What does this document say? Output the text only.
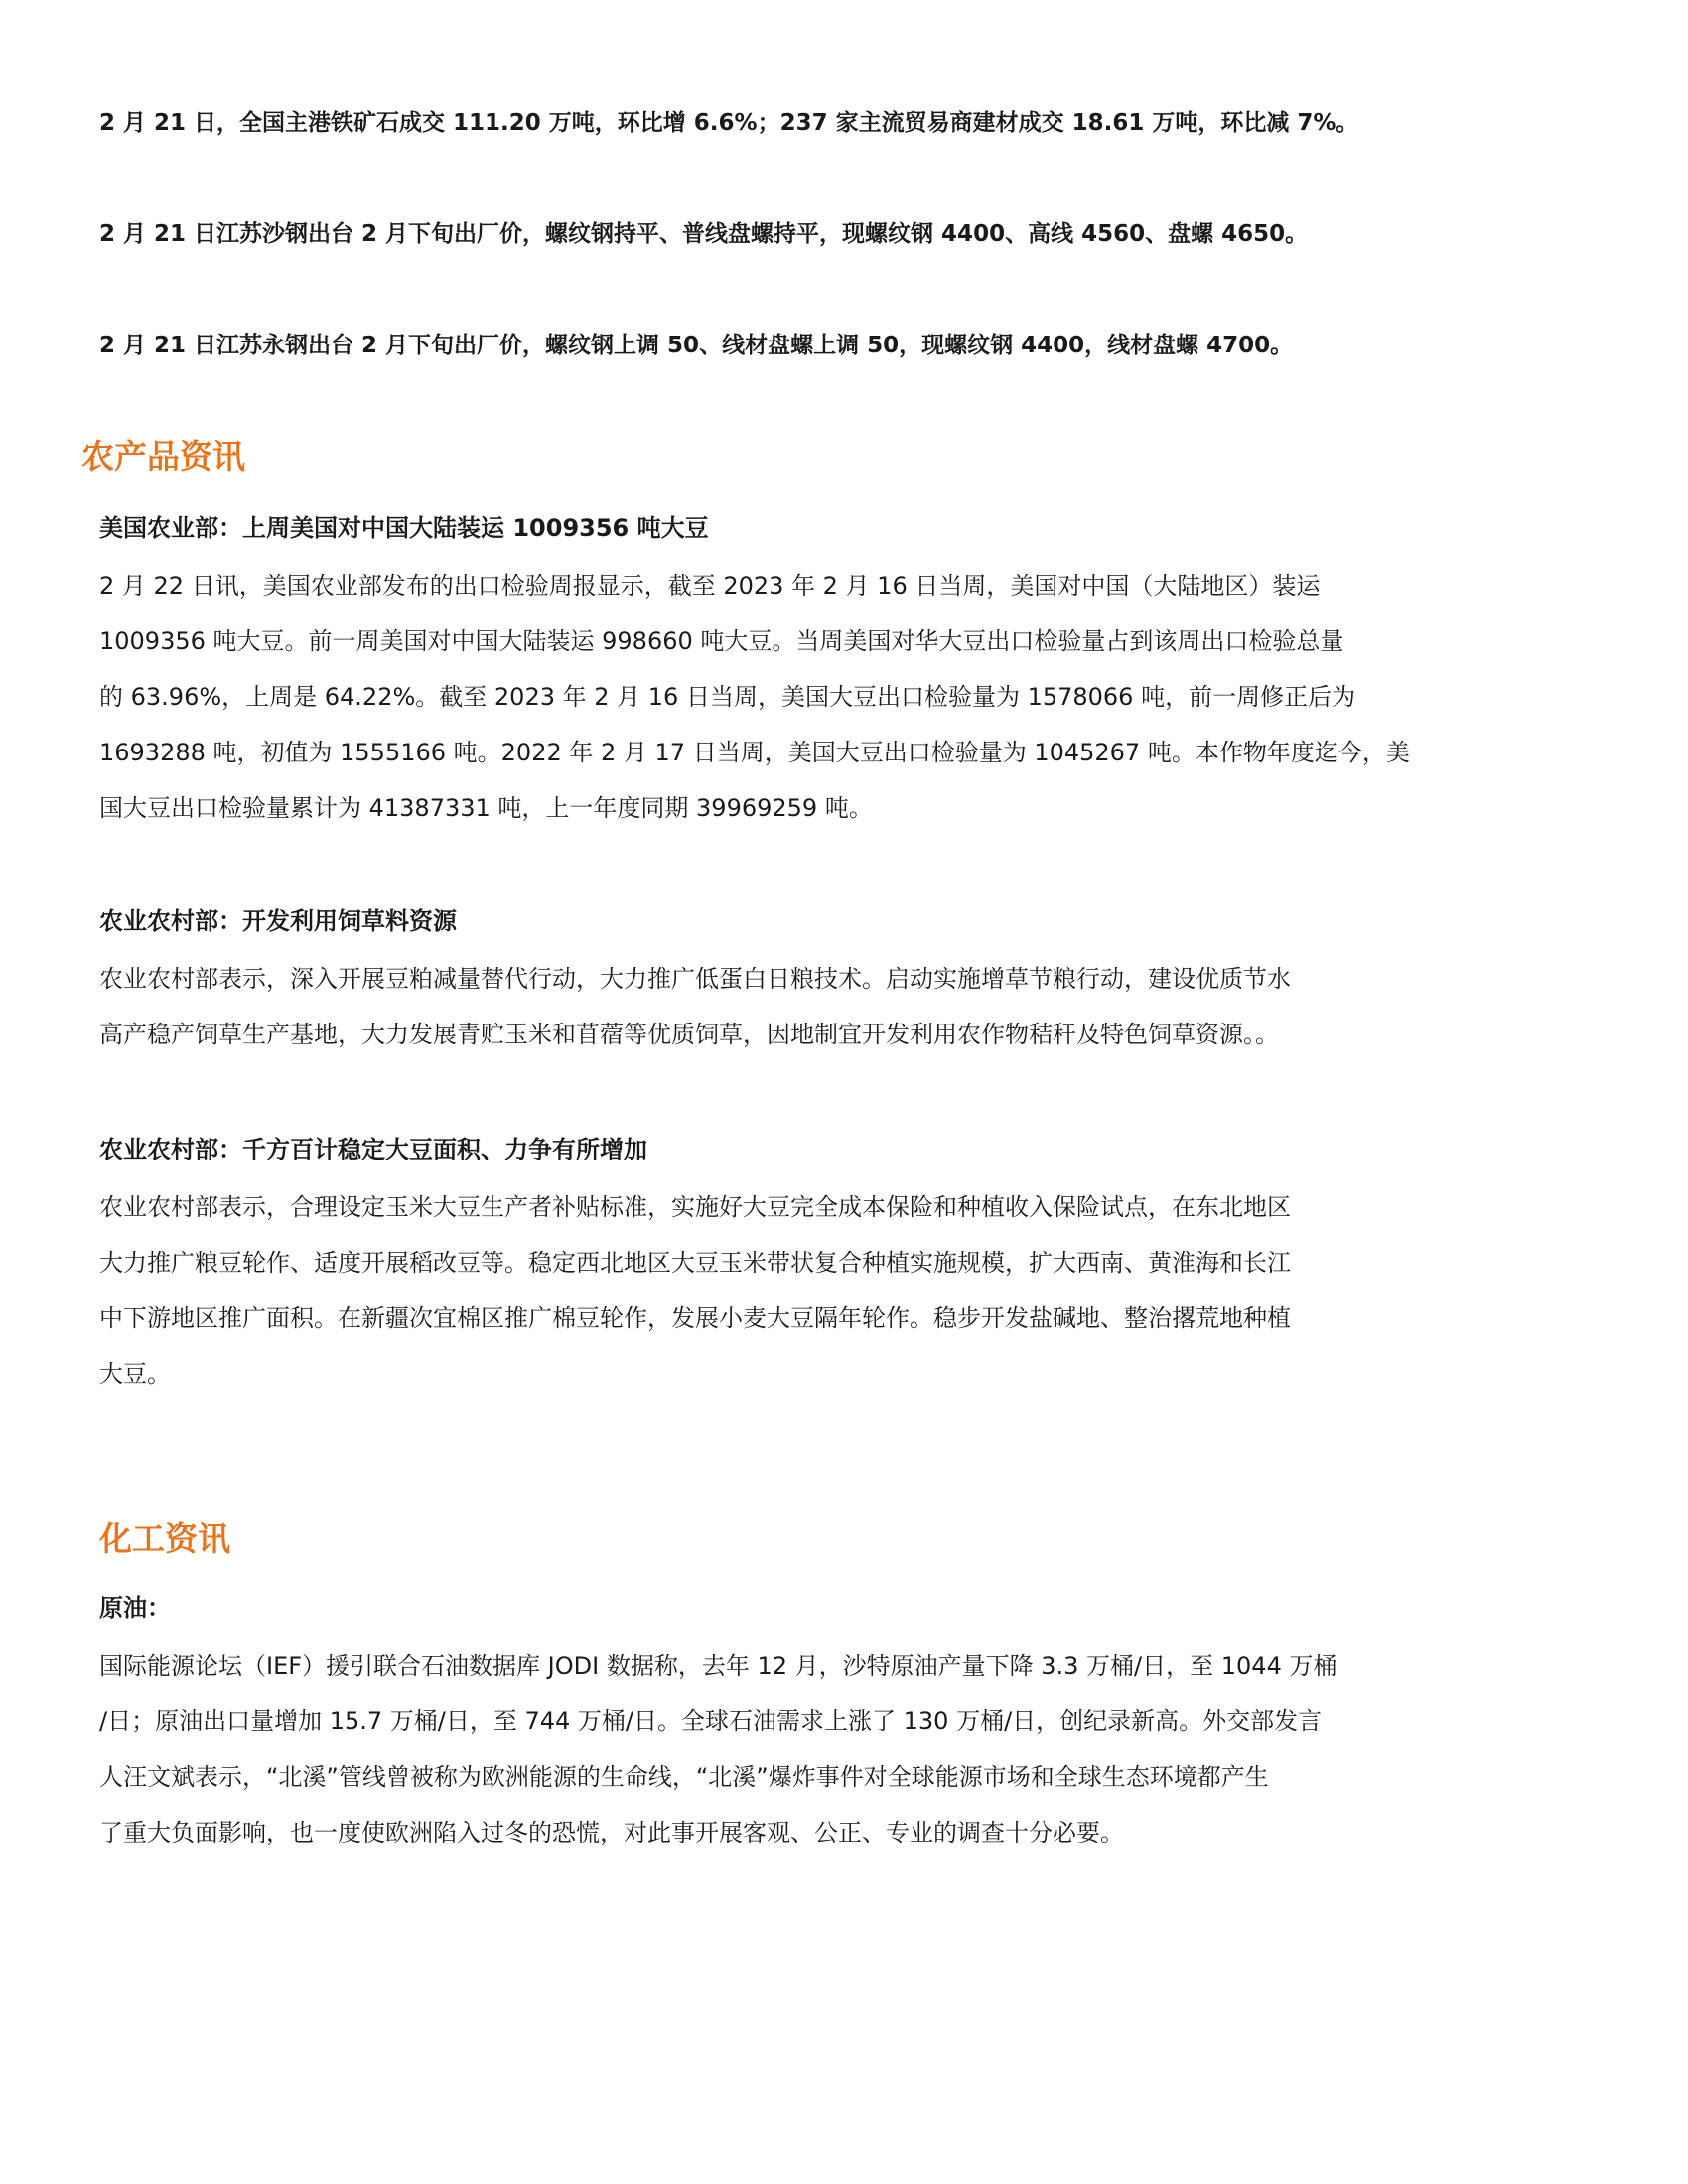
2 月 21 日，全国主港铁矿石成交 111.20 万吨，环比增 6.6%；237 家主流贸易商建材成交 18.61 万吨，环比减 7%。
2 月 21 日江苏沙钢出台 2 月下旬出厂价，螺纹钢持平、普线盘螺持平，现螺纹钢 4400、高线 4560、盘螺 4650。
2 月 21 日江苏永钢出台 2 月下旬出厂价，螺纹钢上调 50、线材盘螺上调 50，现螺纹钢 4400，线材盘螺 4700。
农产品资讯
美国农业部：上周美国对中国大陆装运 1009356 吨大豆
2 月 22 日讯，美国农业部发布的出口检验周报显示，截至 2023 年 2 月 16 日当周，美国对中国（大陆地区）装运
1009356 吨大豆。前一周美国对中国大陆装运 998660 吨大豆。当周美国对华大豆出口检验量占到该周出口检验总量
的 63.96%，上周是 64.22%。截至 2023 年 2 月 16 日当周，美国大豆出口检验量为 1578066 吨，前一周修正后为
1693288 吨，初值为 1555166 吨。2022 年 2 月 17 日当周，美国大豆出口检验量为 1045267 吨。本作物年度迄今，美
国大豆出口检验量累计为 41387331 吨，上一年度同期 39969259 吨。
农业农村部：开发利用饲草料资源
农业农村部表示，深入开展豆粕减量替代行动，大力推广低蛋白日粮技术。启动实施增草节粮行动，建设优质节水
高产稳产饲草生产基地，大力发展青贮玉米和苜蓿等优质饲草，因地制宜开发利用农作物秸秆及特色饲草资源。。
农业农村部：千方百计稳定大豆面积、力争有所增加
农业农村部表示，合理设定玉米大豆生产者补贴标准，实施好大豆完全成本保险和种植收入保险试点，在东北地区
大力推广粮豆轮作、适度开展稻改豆等。稳定西北地区大豆玉米带状复合种植实施规模，扩大西南、黄淮海和长江
中下游地区推广面积。在新疆次宜棉区推广棉豆轮作，发展小麦大豆隔年轮作。稳步开发盐碱地、整治撂荒地种植
大豆。
化工资讯
原油：
国际能源论坛（IEF）援引联合石油数据库 JODI 数据称，去年 12 月，沙特原油产量下降 3.3 万桶/日，至 1044 万桶
/日；原油出口量增加 15.7 万桶/日，至 744 万桶/日。全球石油需求上涨了 130 万桶/日，创纪录新高。外交部发言
人汪文斌表示，“北溪”管线曾被称为欧洲能源的生命线，“北溪”爆炸事件对全球能源市场和全球生态环境都产生
了重大负面影响，也一度使欧洲陷入过冬的恐慌，对此事开展客观、公正、专业的调查十分必要。
